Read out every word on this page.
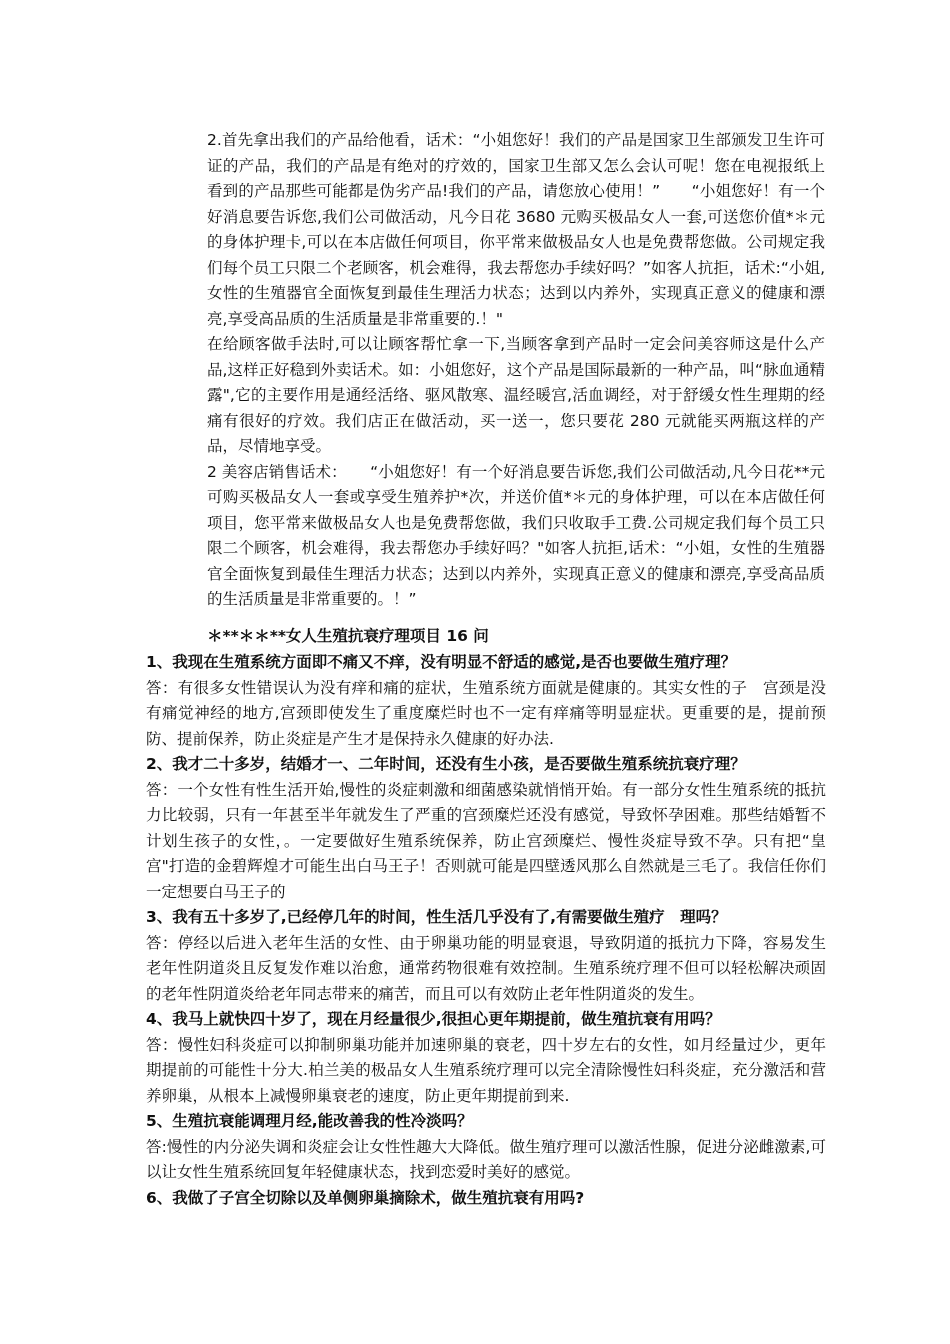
2.首先拿出我们的产品给他看，话术：“小姐您好！我们的产品是国家卫生部颁发卫生许可证的产品，我们的产品是有绝对的疗效的，国家卫生部又怎么会认可呢！您在电视报纸上看到的产品那些可能都是伪劣产品!我们的产品，请您放心使用！”　　“小姐您好！有一个好消息要告诉您,我们公司做活动，凡今日花 3680 元购买极品女人一套,可送您价值*＊元的身体护理卡,可以在本店做任何项目，你平常来做极品女人也是免费帮您做。公司规定我们每个员工只限二个老顾客，机会难得，我去帮您办手续好吗？”如客人抗拒，话术:“小姐,女性的生殖器官全面恢复到最佳生理活力状态；达到以内养外，实现真正意义的健康和漂亮,享受高品质的生活质量是非常重要的.！"

在给顾客做手法时,可以让顾客帮忙拿一下,当顾客拿到产品时一定会问美容师这是什么产品,这样正好稳到外卖话术。如：小姐您好，这个产品是国际最新的一种产品，叫“脉血通精露",它的主要作用是通经活络、驱风散寒、温经暖宫,活血调经，对于舒缓女性生理期的经痛有很好的疗效。我们店正在做活动，买一送一，您只要花 280 元就能买两瓶这样的产品，尽情地享受。

2 美容店销售话术：　　“小姐您好！有一个好消息要告诉您,我们公司做活动,凡今日花**元可购买极品女人一套或享受生殖养护*次，并送价值*＊元的身体护理，可以在本店做任何项目，您平常来做极品女人也是免费帮您做，我们只收取手工费.公司规定我们每个员工只限二个顾客，机会难得，我去帮您办手续好吗？"如客人抗拒,话术：“小姐，女性的生殖器官全面恢复到最佳生理活力状态；达到以内养外，实现真正意义的健康和漂亮,享受高品质的生活质量是非常重要的。！”

＊**＊＊**女人生殖抗衰疗理项目 16 问

1、我现在生殖系统方面即不痛又不痒，没有明显不舒适的感觉,是否也要做生殖疗理？

答：有很多女性错误认为没有痒和痛的症状，生殖系统方面就是健康的。其实女性的子　宫颈是没有痛觉神经的地方,宫颈即使发生了重度糜烂时也不一定有痒痛等明显症状。更重要的是，提前预防、提前保养，防止炎症是产生才是保持永久健康的好办法.

2、我才二十多岁，结婚才一、二年时间，还没有生小孩，是否要做生殖系统抗衰疗理？

答：一个女性有性生活开始,慢性的炎症刺激和细菌感染就悄悄开始。有一部分女性生殖系统的抵抗力比较弱，只有一年甚至半年就发生了严重的宫颈糜烂还没有感觉，导致怀孕困难。那些结婚暂不计划生孩子的女性，。一定要做好生殖系统保养，防止宫颈糜烂、慢性炎症导致不孕。只有把“皇宫"打造的金碧辉煌才可能生出白马王子！否则就可能是四壁透风那么自然就是三毛了。我信任你们一定想要白马王子的

3、我有五十多岁了,已经停几年的时间，性生活几乎没有了,有需要做生殖疗　理吗？

答：停经以后进入老年生活的女性、由于卵巢功能的明显衰退，导致阴道的抵抗力下降，容易发生老年性阴道炎且反复发作难以治愈，通常药物很难有效控制。生殖系统疗理不但可以轻松解决顽固的老年性阴道炎给老年同志带来的痛苦，而且可以有效防止老年性阴道炎的发生。

4、我马上就快四十岁了，现在月经量很少,很担心更年期提前，做生殖抗衰有用吗？

答：慢性妇科炎症可以抑制卵巢功能并加速卵巢的衰老，四十岁左右的女性，如月经量过少，更年期提前的可能性十分大.柏兰美的极品女人生殖系统疗理可以完全清除慢性妇科炎症，充分激活和营养卵巢，从根本上减慢卵巢衰老的速度，防止更年期提前到来.

5、生殖抗衰能调理月经,能改善我的性冷淡吗？

答:慢性的内分泌失调和炎症会让女性性趣大大降低。做生殖疗理可以激活性腺，促进分泌雌激素,可以让女性生殖系统回复年轻健康状态，找到恋爱时美好的感觉。

6、我做了子宫全切除以及单侧卵巢摘除术，做生殖抗衰有用吗?
